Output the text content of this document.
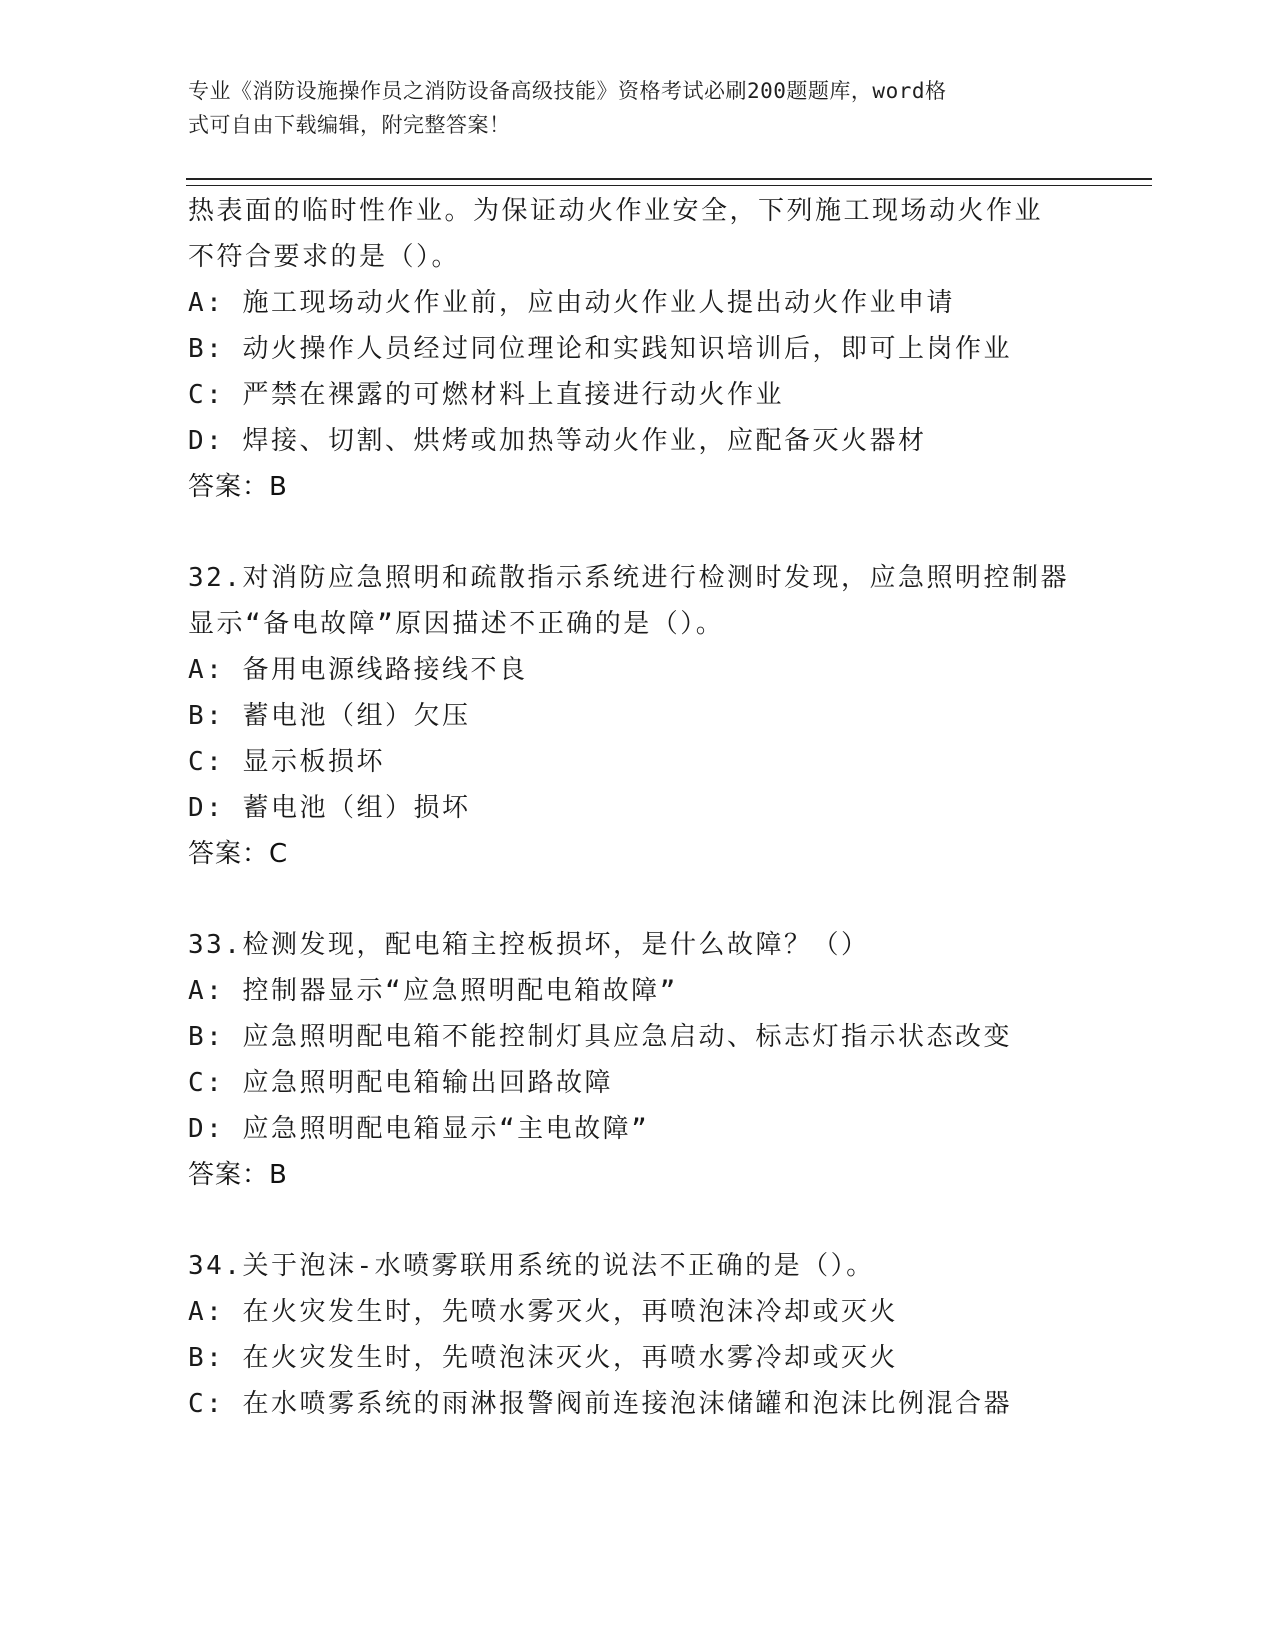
专业《消防设施操作员之消防设备高级技能》资格考试必刷200题题库，word格
式可自由下载编辑，附完整答案！
热表面的临时性作业。为保证动火作业安全，下列施工现场动火作业
不符合要求的是（）。
A: 施工现场动火作业前，应由动火作业人提出动火作业申请
B: 动火操作人员经过同位理论和实践知识培训后，即可上岗作业
C: 严禁在裸露的可燃材料上直接进行动火作业
D: 焊接、切割、烘烤或加热等动火作业，应配备灭火器材
答案：B
32.对消防应急照明和疏散指示系统进行检测时发现，应急照明控制器
显示“备电故障”原因描述不正确的是（）。
A: 备用电源线路接线不良
B: 蓄电池（组）欠压
C: 显示板损坏
D: 蓄电池（组）损坏
答案：C
33.检测发现，配电箱主控板损坏，是什么故障？（）
A: 控制器显示“应急照明配电箱故障”
B: 应急照明配电箱不能控制灯具应急启动、标志灯指示状态改变
C: 应急照明配电箱输出回路故障
D: 应急照明配电箱显示“主电故障”
答案：B
34.关于泡沫-水喷雾联用系统的说法不正确的是（）。
A: 在火灾发生时，先喷水雾灭火，再喷泡沫冷却或灭火
B: 在火灾发生时，先喷泡沫灭火，再喷水雾冷却或灭火
C: 在水喷雾系统的雨淋报警阀前连接泡沫储罐和泡沫比例混合器
